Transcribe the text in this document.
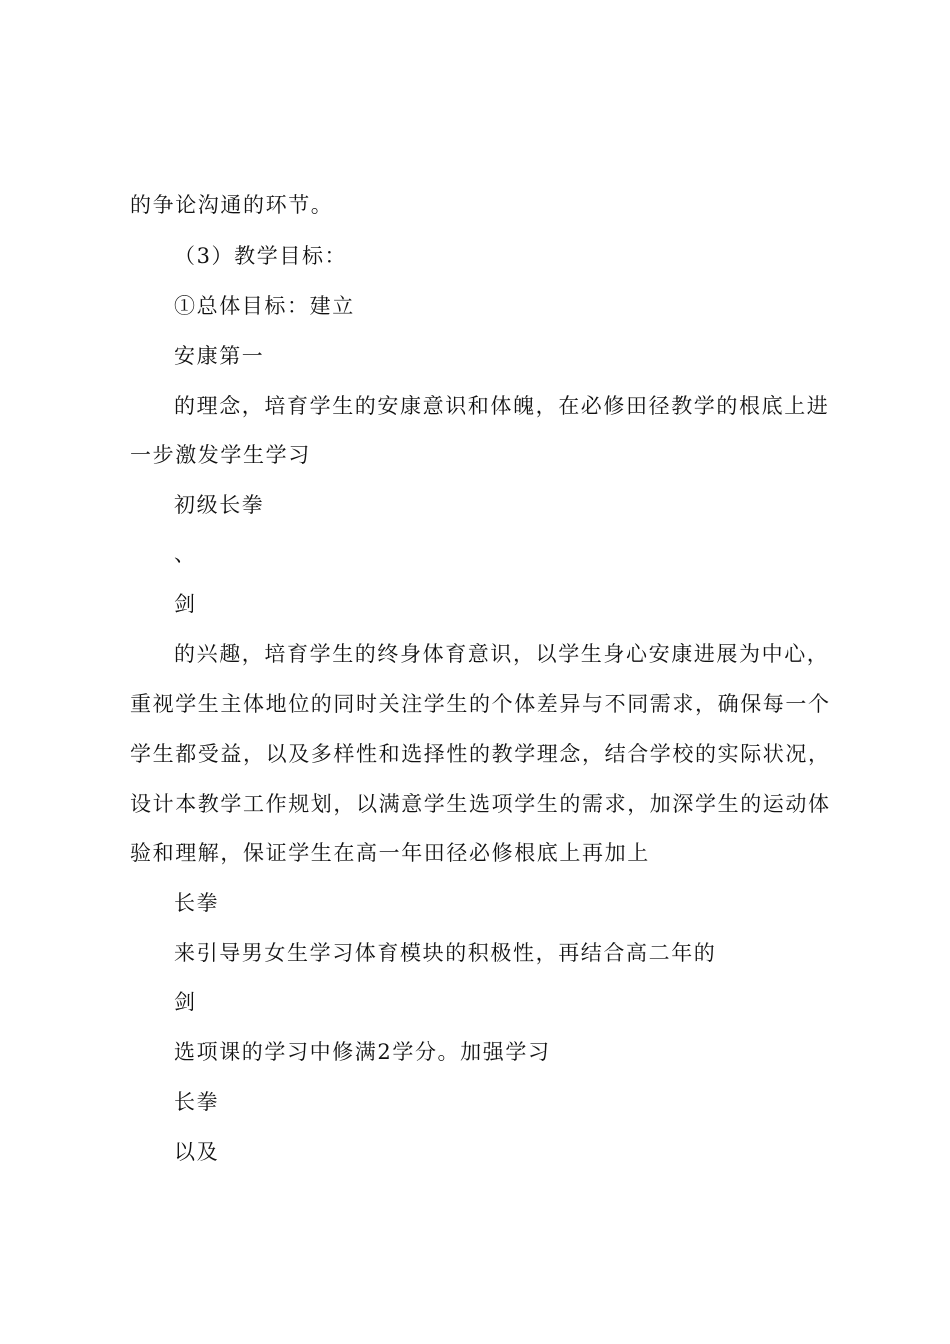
的争论沟通的环节。
（3）教学目标：
①总体目标：建立
安康第一
的理念，培育学生的安康意识和体魄，在必修田径教学的根底上进
一步激发学生学习
初级长拳
、
剑
的兴趣，培育学生的终身体育意识，以学生身心安康进展为中心，
重视学生主体地位的同时关注学生的个体差异与不同需求，确保每一个
学生都受益，以及多样性和选择性的教学理念，结合学校的实际状况，
设计本教学工作规划，以满意学生选项学生的需求，加深学生的运动体
验和理解，保证学生在高一年田径必修根底上再加上
长拳
来引导男女生学习体育模块的积极性，再结合高二年的
剑
选项课的学习中修满2学分。加强学习
长拳
以及
